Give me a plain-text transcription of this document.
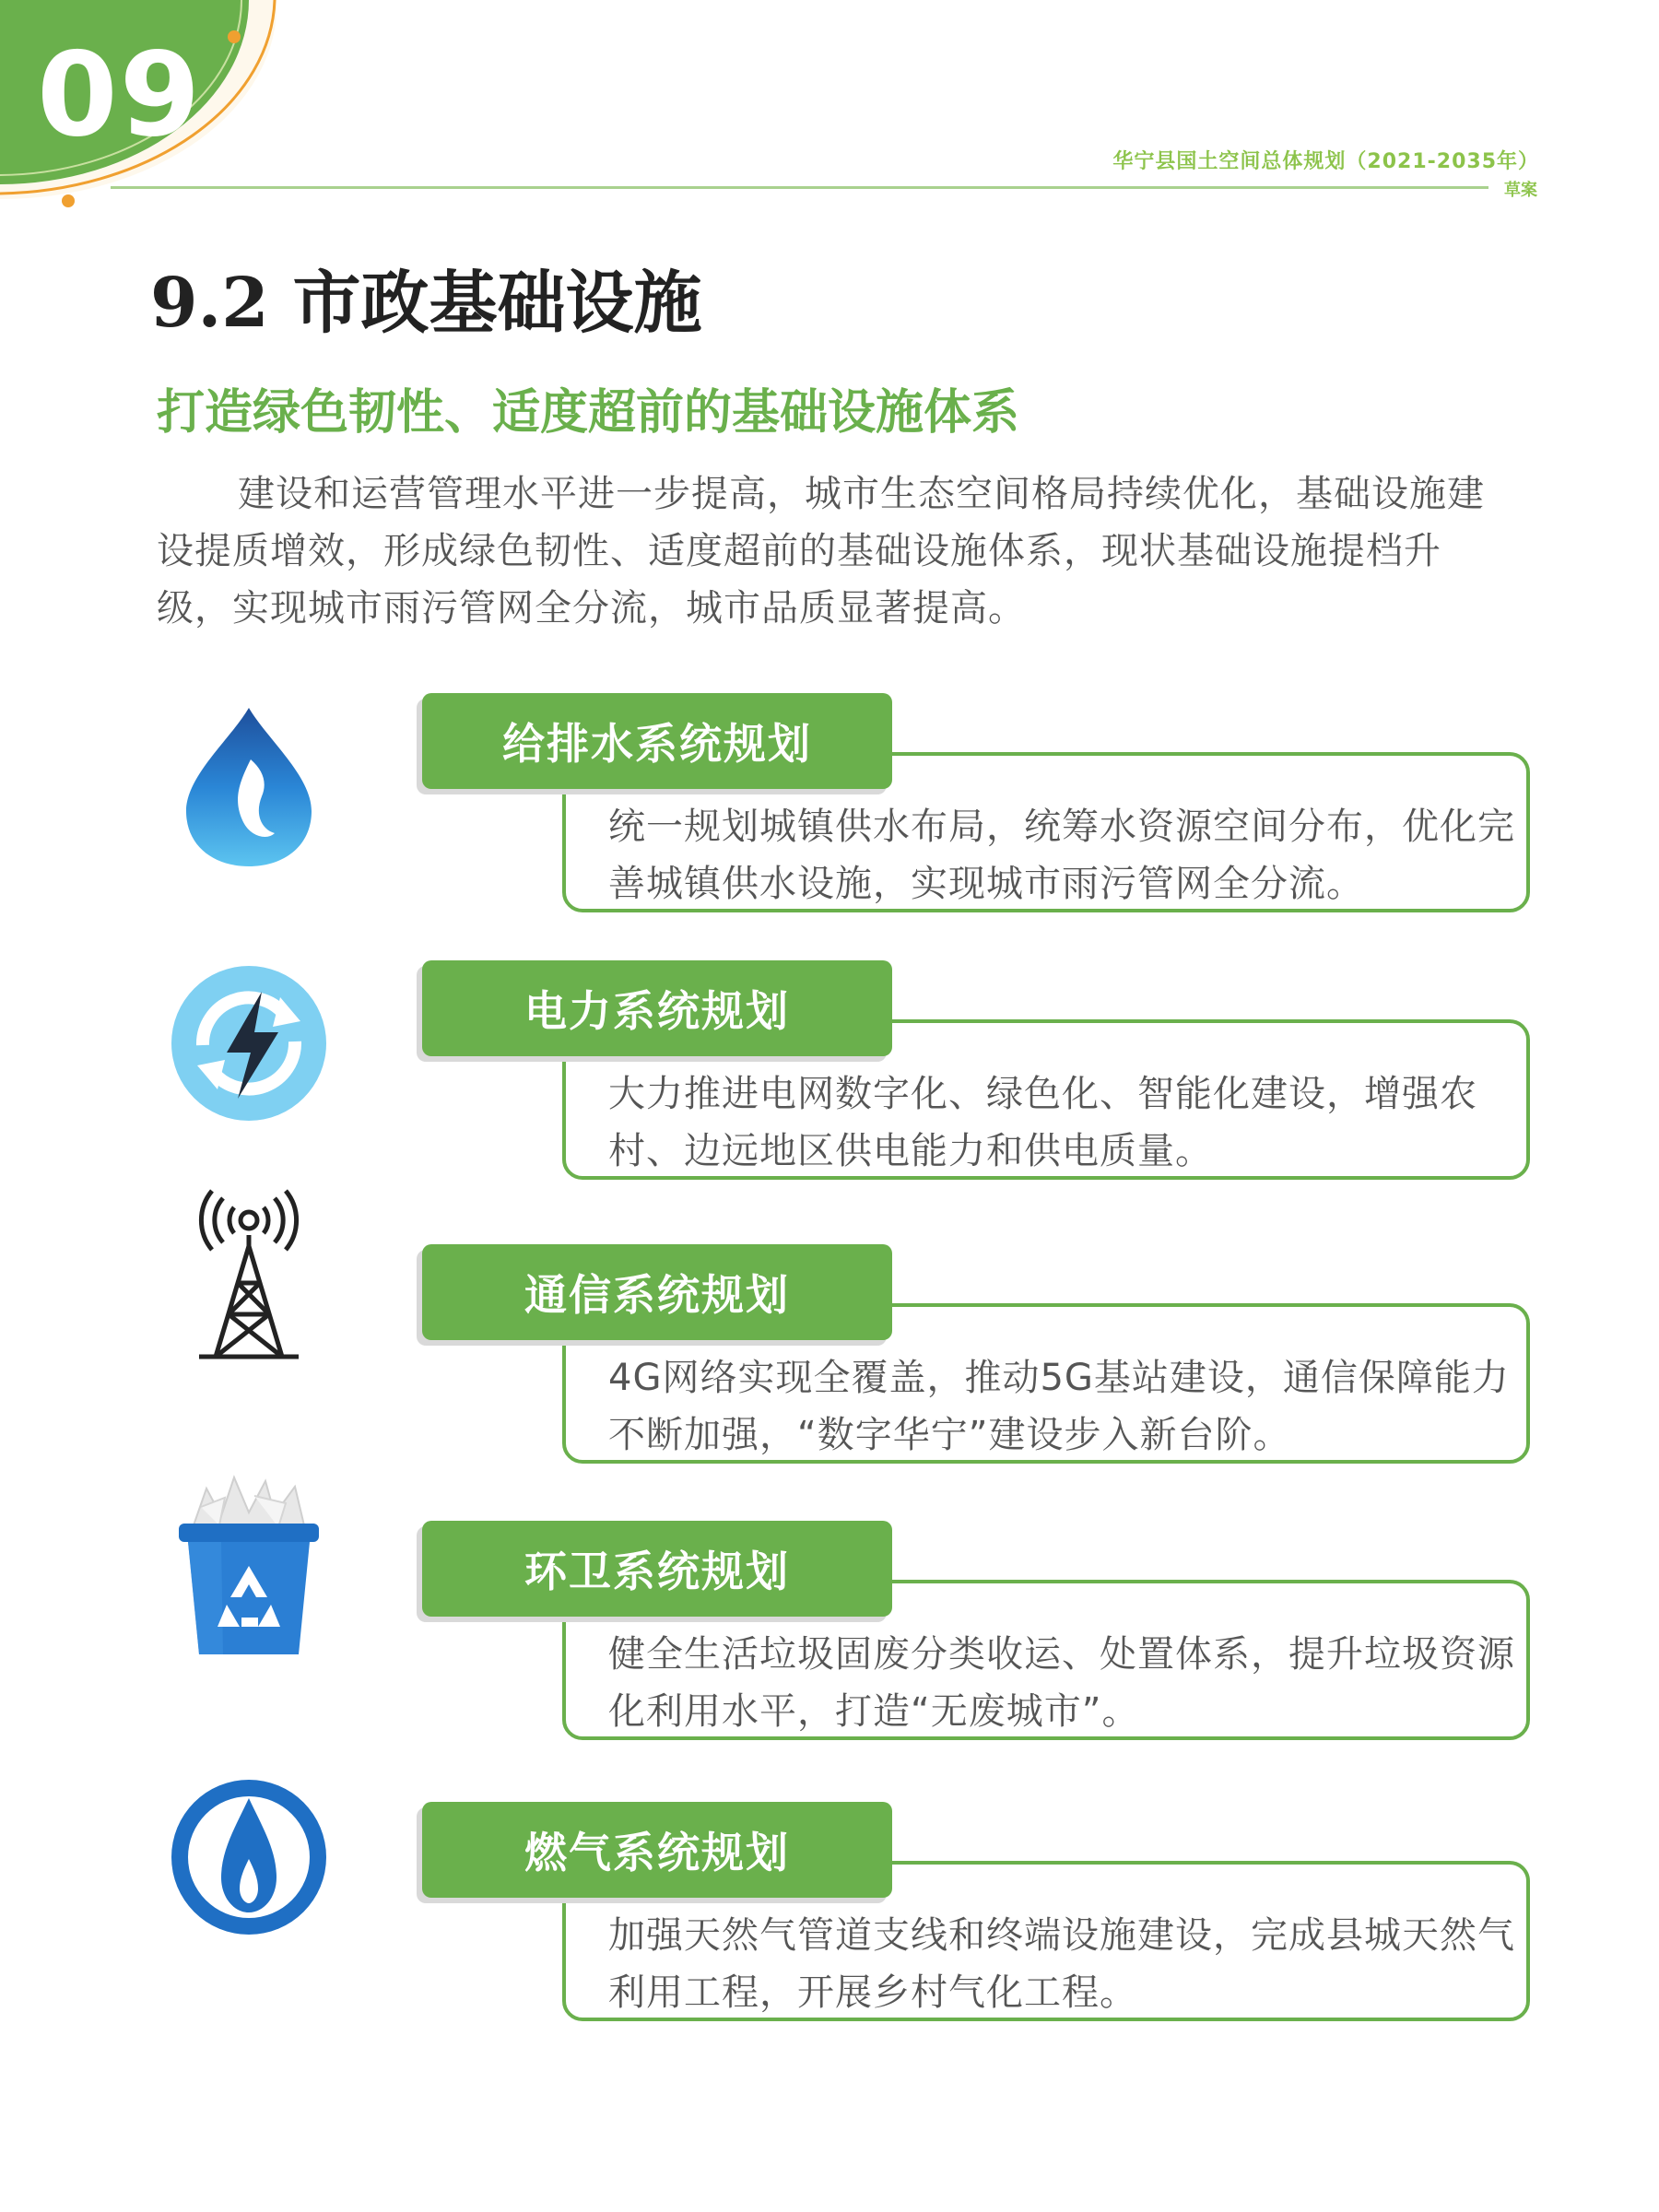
09	华宁县国土空间总体规划（2021-2035年）
草案
9.2 市政基础设施
打造绿色韧性、适度超前的基础设施体系
建设和运营管理水平进一步提高，城市生态空间格局持续优化，基础设施建设提质增效，形成绿色韧性、适度超前的基础设施体系，现状基础设施提档升级，实现城市雨污管网全分流，城市品质显著提高。
给排水系统规划
统一规划城镇供水布局，统筹水资源空间分布，优化完善城镇供水设施，实现城市雨污管网全分流。
电力系统规划
大力推进电网数字化、绿色化、智能化建设，增强农村、边远地区供电能力和供电质量。
通信系统规划
4G网络实现全覆盖，推动5G基站建设，通信保障能力不断加强，“数字华宁”建设步入新台阶。
环卫系统规划
健全生活垃圾固废分类收运、处置体系，提升垃圾资源化利用水平，打造“无废城市”。
燃气系统规划
加强天然气管道支线和终端设施建设，完成县城天然气利用工程，开展乡村气化工程。
